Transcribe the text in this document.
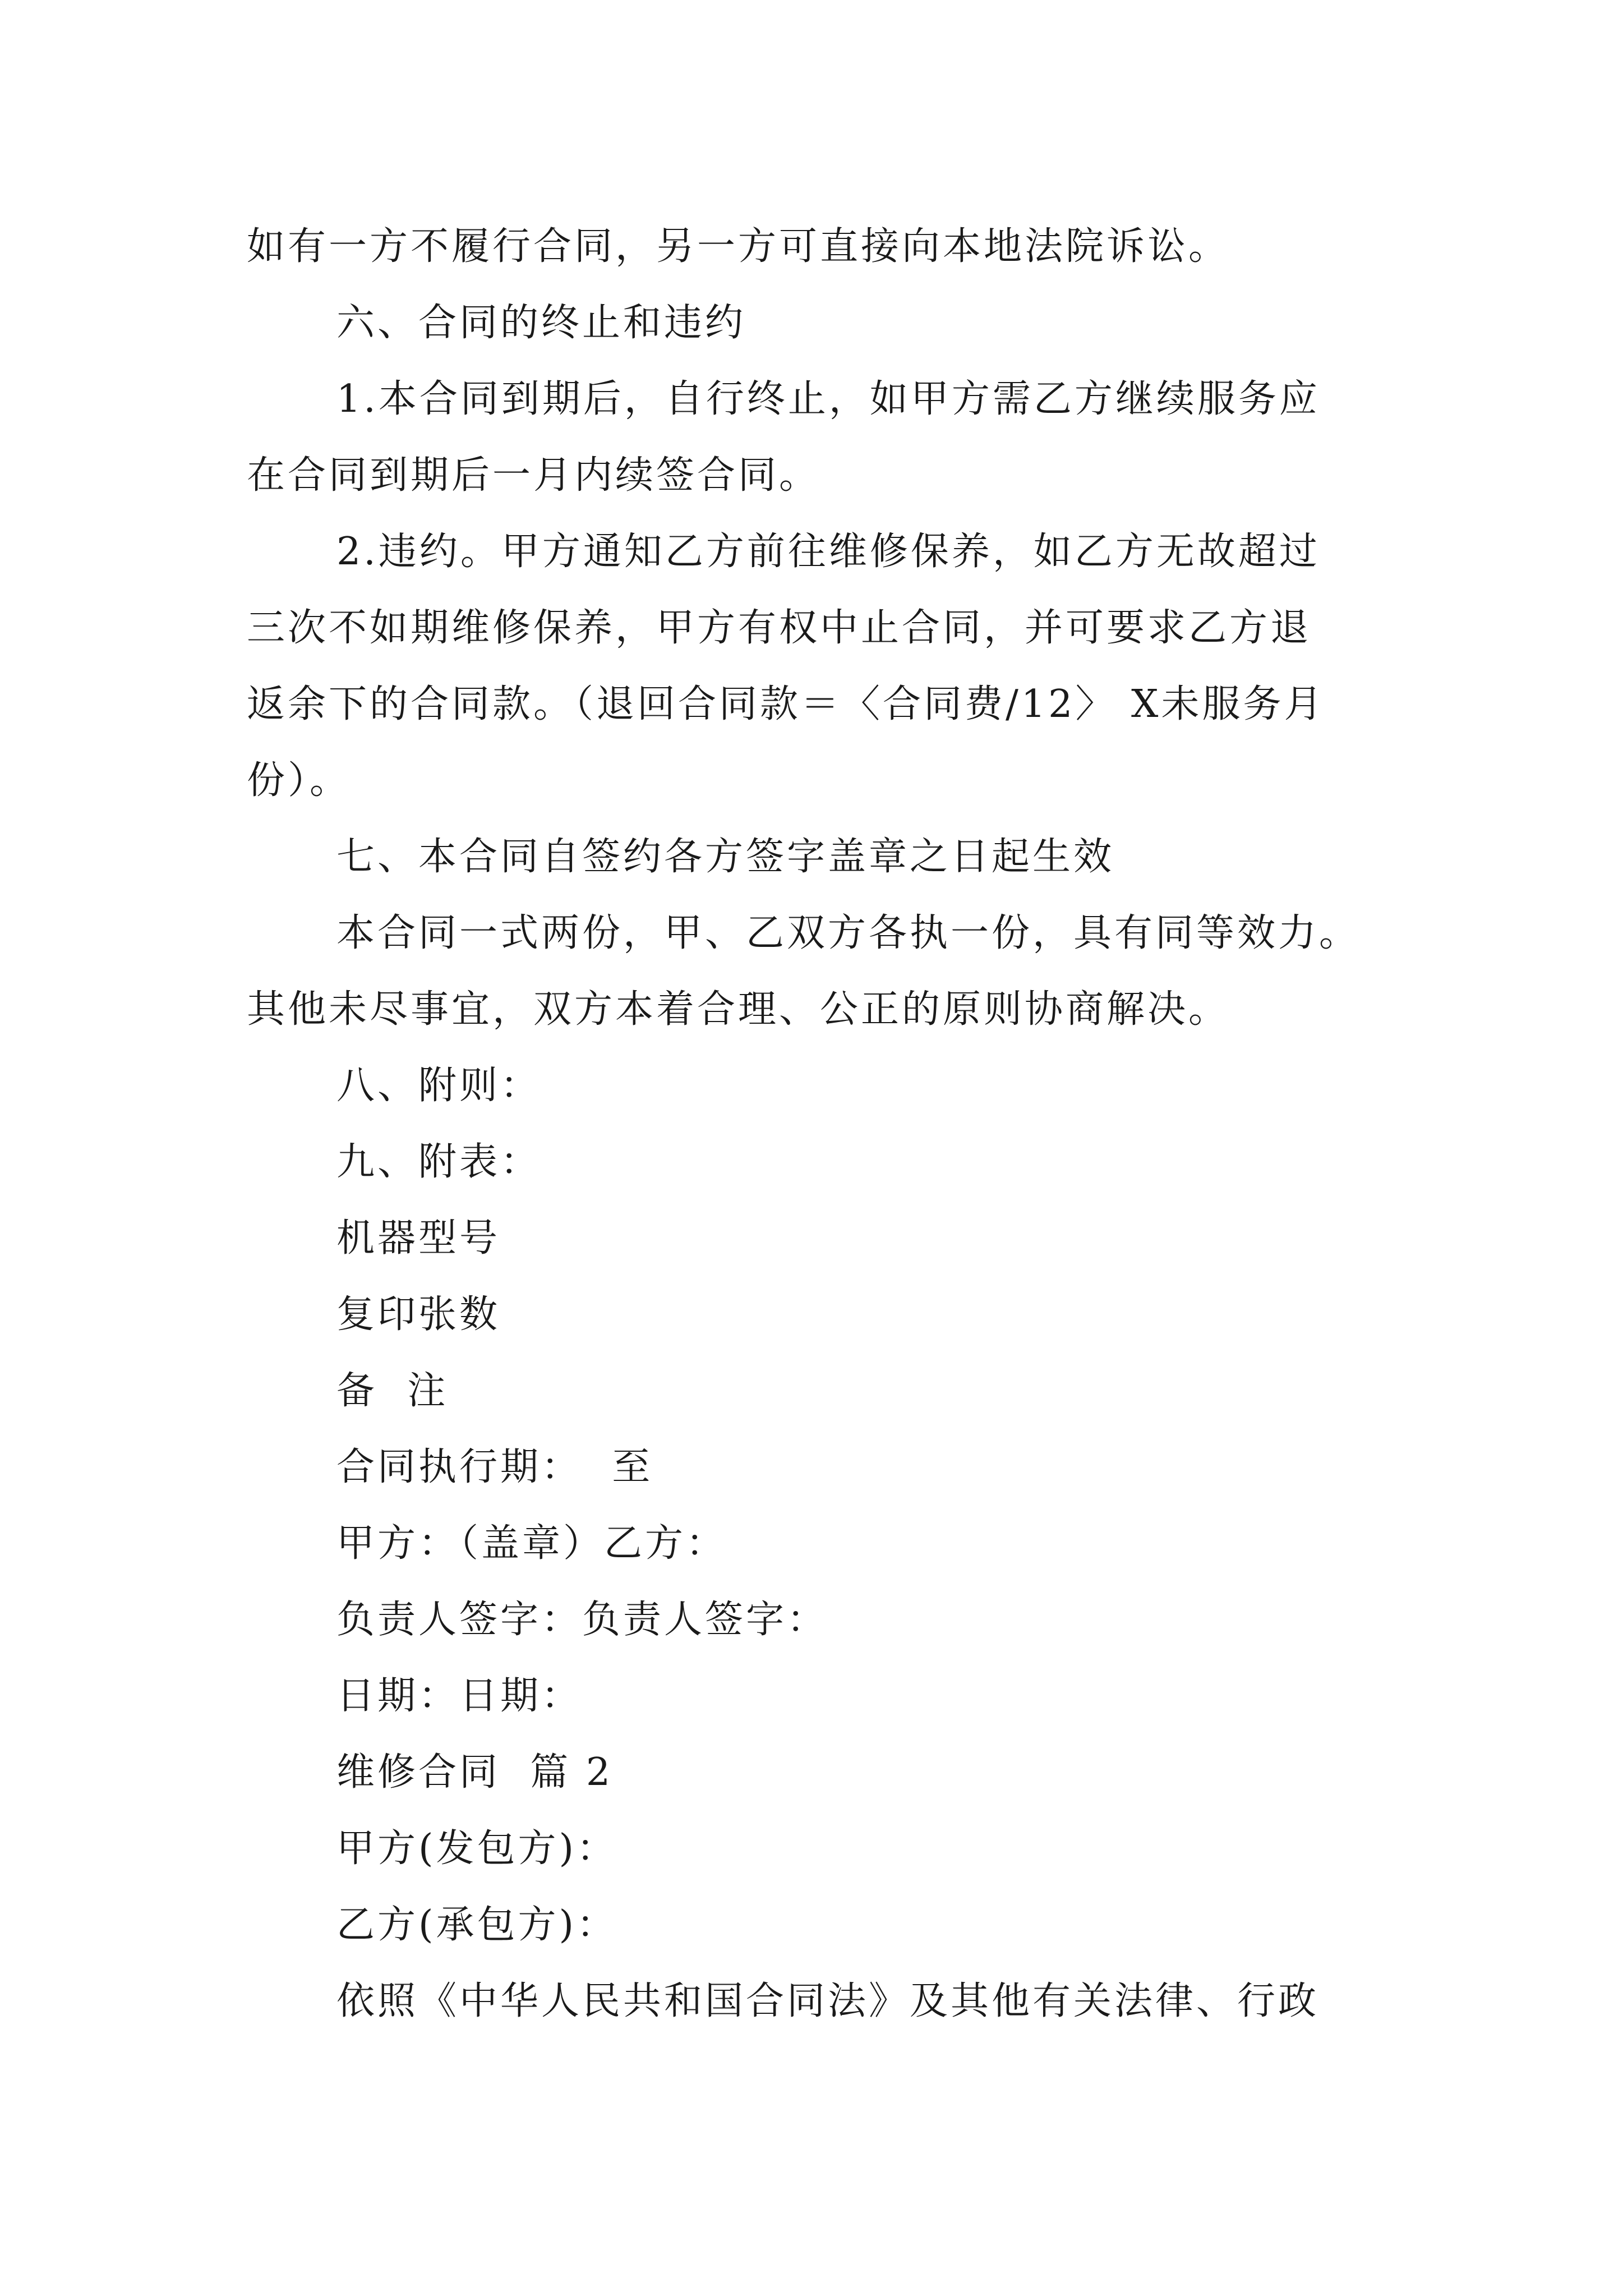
如有一方不履行合同，另一方可直接向本地法院诉讼。
六、合同的终止和违约
1.本合同到期后，自行终止，如甲方需乙方继续服务应
在合同到期后一月内续签合同。
2.违约。甲方通知乙方前往维修保养，如乙方无故超过
三次不如期维修保养，甲方有权中止合同，并可要求乙方退
返余下的合同款。（退回合同款＝〈合同费/12〉 X未服务月
份）。
七、本合同自签约各方签字盖章之日起生效
本合同一式两份，甲、乙双方各执一份，具有同等效力。
其他未尽事宜，双方本着合理、公正的原则协商解决。
八、附则：
九、附表：
机器型号
复印张数
备  注
合同执行期：  至
甲方：（盖章）乙方：
负责人签字：负责人签字：
日期：日期：
维修合同  篇 2
甲方(发包方)：
乙方(承包方)：
依照《中华人民共和国合同法》及其他有关法律、行政
